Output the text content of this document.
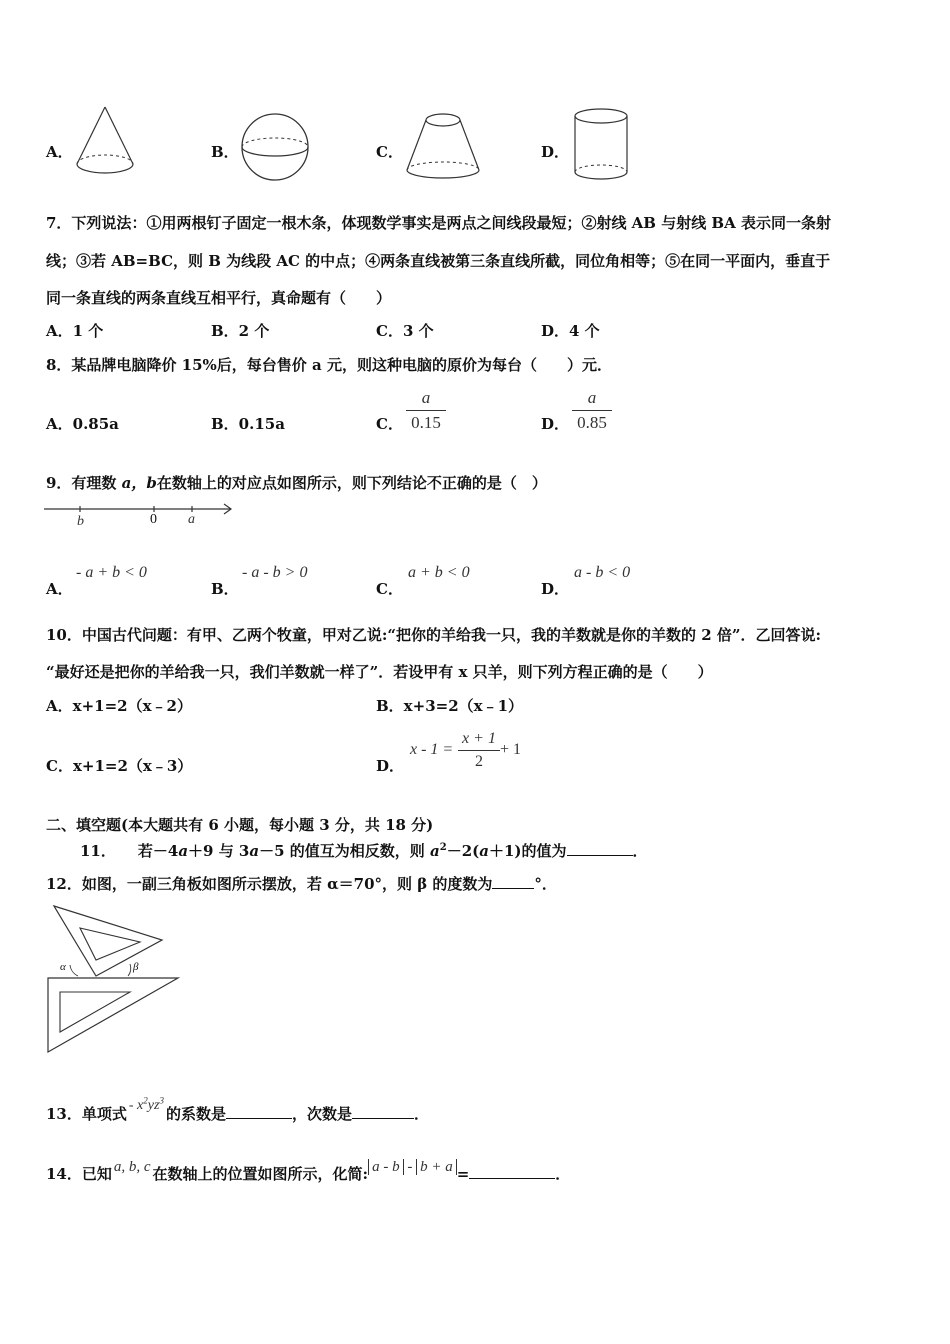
A．	B．	C．	D．
7．下列说法：①用两根钉子固定一根木条，体现数学事实是两点之间线段最短；②射线 AB 与射线 BA 表示同一条射
线；③若 AB=BC，则 B 为线段 AC 的中点；④两条直线被第三条直线所截，同位角相等；⑤在同一平面内，垂直于
同一条直线的两条直线互相平行，真命题有（　　）
A．1 个	B．2 个	C．3 个	D．4 个
8．某品牌电脑降价 15%后，每台售价 a 元，则这种电脑的原价为每台（　　）元．
A．0.85a	B．0.15a	C．
a
0.15	D．
a
0.85
9．有理数 a，b在数轴上的对应点如图所示，则下列结论不正确的是（　）
b	0 a
A．
- a + b < 0
B．
- a - b > 0
C．
a + b < 0
D．
a - b < 0
10．中国古代问题：有甲、乙两个牧童，甲对乙说:“把你的羊给我一只，我的羊数就是你的羊数的 2 倍”．乙回答说:
“最好还是把你的羊给我一只，我们羊数就一样了”．若设甲有 x 只羊，则下列方程正确的是（　　）
A．x+1=2（x﹣2）	B．x+3=2（x﹣1）
C．x+1=2（x﹣3）	D．
x - 1 =
x + 1
2
+ 1
二、填空题(本大题共有 6 小题，每小题 3 分，共 18 分)
11． 若－4a＋9 与 3a－5 的值互为相反数，则 $a^2-2(a+1)$的值为	．
12．如图，一副三角板如图所示摆放，若 α＝70°，则 β 的度数为	°．
α	β
13．单项式 - $x^2yz^3$的系数是	，次数是	．
14．已知 a, b, c 在数轴上的位置如图所示，化简: a - b - b + a =	．
